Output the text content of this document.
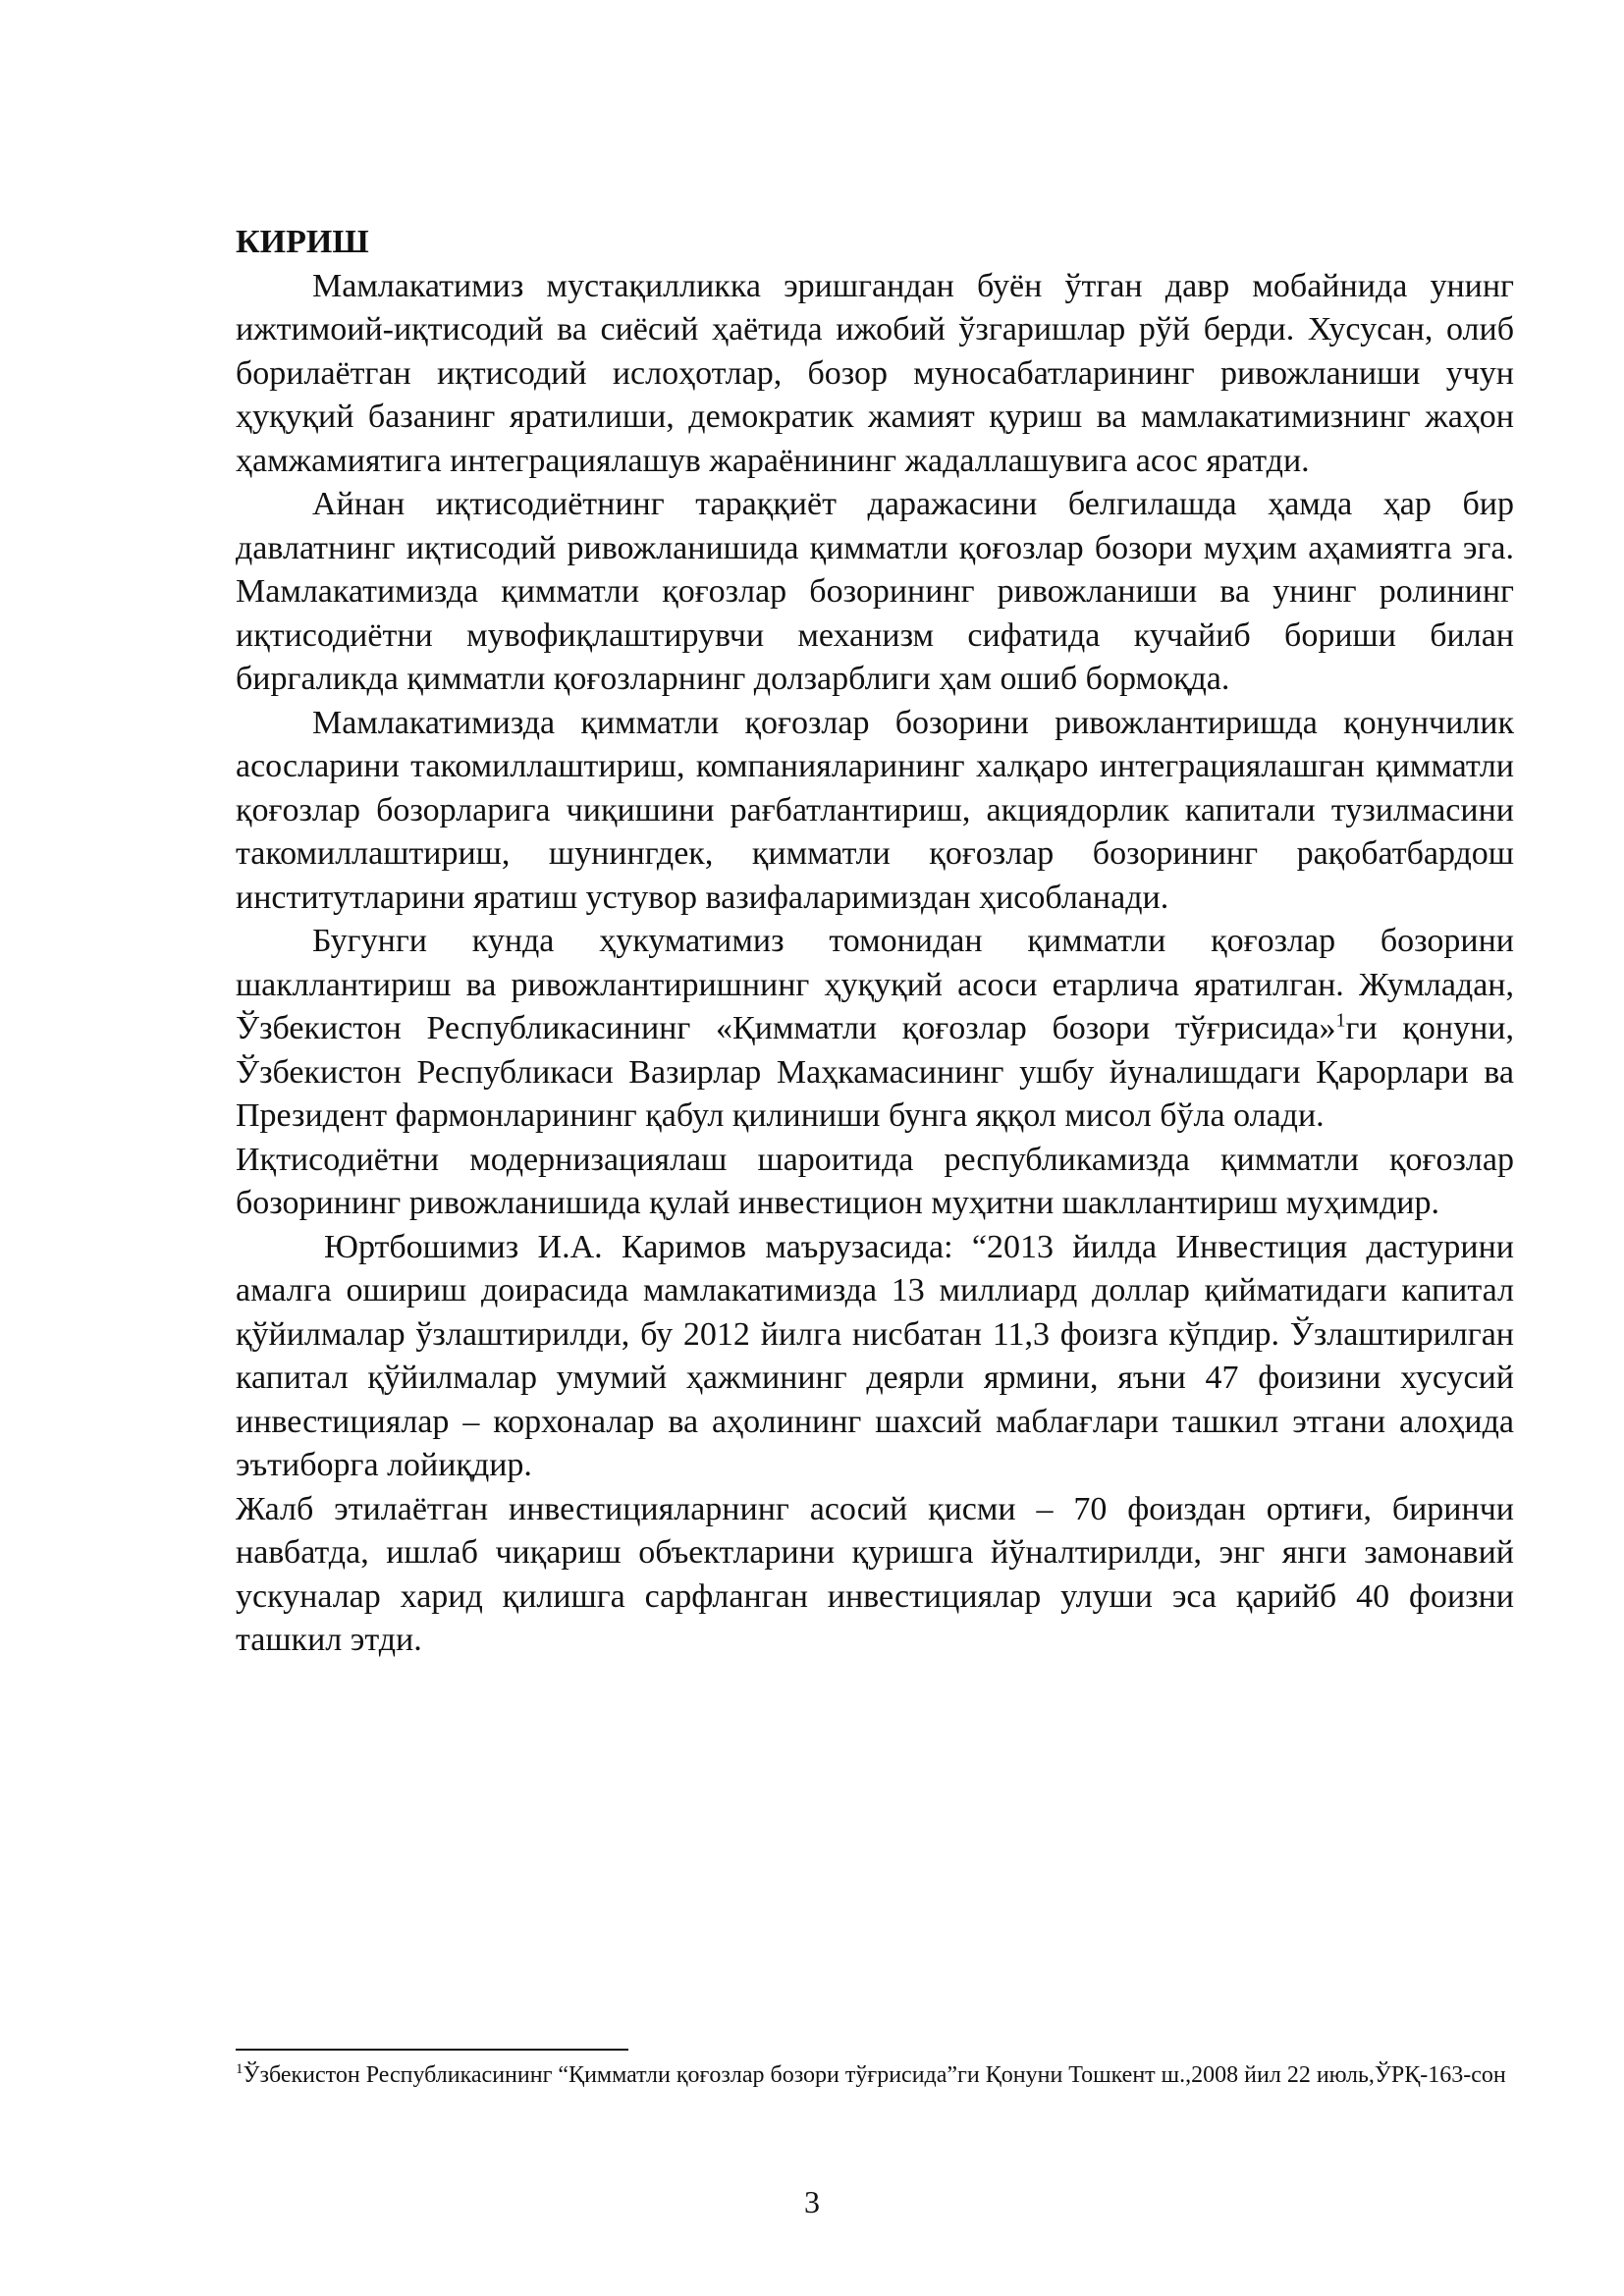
КИРИШ

Мамлакатимиз мустақилликка эришгандан буён ўтган давр мобайнида унинг ижтимоий-иқтисодий ва сиёсий ҳаётида ижобий ўзгаришлар рўй берди. Хусусан, олиб борилаётган иқтисодий ислоҳотлар, бозор муносабатларининг ривожланиши учун ҳуқуқий базанинг яратилиши, демократик жамият қуриш ва мамлакатимизнинг жаҳон ҳамжамиятига интеграциялашув жараёнининг жадаллашувига асос яратди.

Айнан иқтисодиётнинг тараққиёт даражасини белгилашда ҳамда ҳар бир давлатнинг иқтисодий ривожланишида қимматли қоғозлар бозори муҳим аҳамиятга эга. Мамлакатимизда қимматли қоғозлар бозорининг ривожланиши ва унинг ролининг иқтисодиётни мувофиқлаштирувчи механизм сифатида кучайиб бориши билан биргаликда қимматли қоғозларнинг долзарблиги ҳам ошиб бормоқда.

Мамлакатимизда қимматли қоғозлар бозорини ривожлантиришда қонунчилик асосларини такомиллаштириш, компанияларининг халқаро интеграциялашган қимматли қоғозлар бозорларига чиқишини рағбатлантириш, акциядорлик капитали тузилмасини такомиллаштириш, шунингдек, қимматли қоғозлар бозорининг рақобатбардош институтларини яратиш устувор вазифаларимиздан ҳисобланади.

Бугунги кунда ҳукуматимиз томонидан қимматли қоғозлар бозорини шакллантириш ва ривожлантиришнинг ҳуқуқий асоси етарлича яратилган. Жумладан, Ўзбекистон Республикасининг «Қимматли қоғозлар бозори тўғрисида»$^1$ги қонуни, Ўзбекистон Республикаси Вазирлар Маҳкамасининг ушбу йуналишдаги Қарорлари ва Президент фармонларининг қабул қилиниши бунга яққол мисол бўла олади.

Иқтисодиётни модернизациялаш шароитида республикамизда қимматли қоғозлар бозорининг ривожланишида қулай инвестицион муҳитни шакллантириш муҳимдир.

Юртбошимиз И.А. Каримов маърузасида: “2013 йилда Инвестиция дастурини амалга ошириш доирасида мамлакатимизда 13 миллиард доллар қийматидаги капитал қўйилмалар ўзлаштирилди, бу 2012 йилга нисбатан 11,3 фоизга кўпдир. Ўзлаштирилган капитал қўйилмалар умумий ҳажмининг деярли ярмини, яъни 47 фоизини хусусий инвестициялар – корхоналар ва аҳолининг шахсий маблағлари ташкил этгани алоҳида эътиборга лойиқдир.

Жалб этилаётган инвестицияларнинг асосий қисми – 70 фоиздан ортиғи, биринчи навбатда, ишлаб чиқариш объектларини қуришга йўналтирилди, энг янги замонавий ускуналар харид қилишга сарфланган инвестициялар улуши эса қарийб 40 фоизни ташкил этди.

$^1$Ўзбекистон Республикасининг “Қимматли қоғозлар бозори тўғрисида”ги Қонуни Тошкент ш.,2008 йил 22 июль,ЎРҚ-163-сон
3
